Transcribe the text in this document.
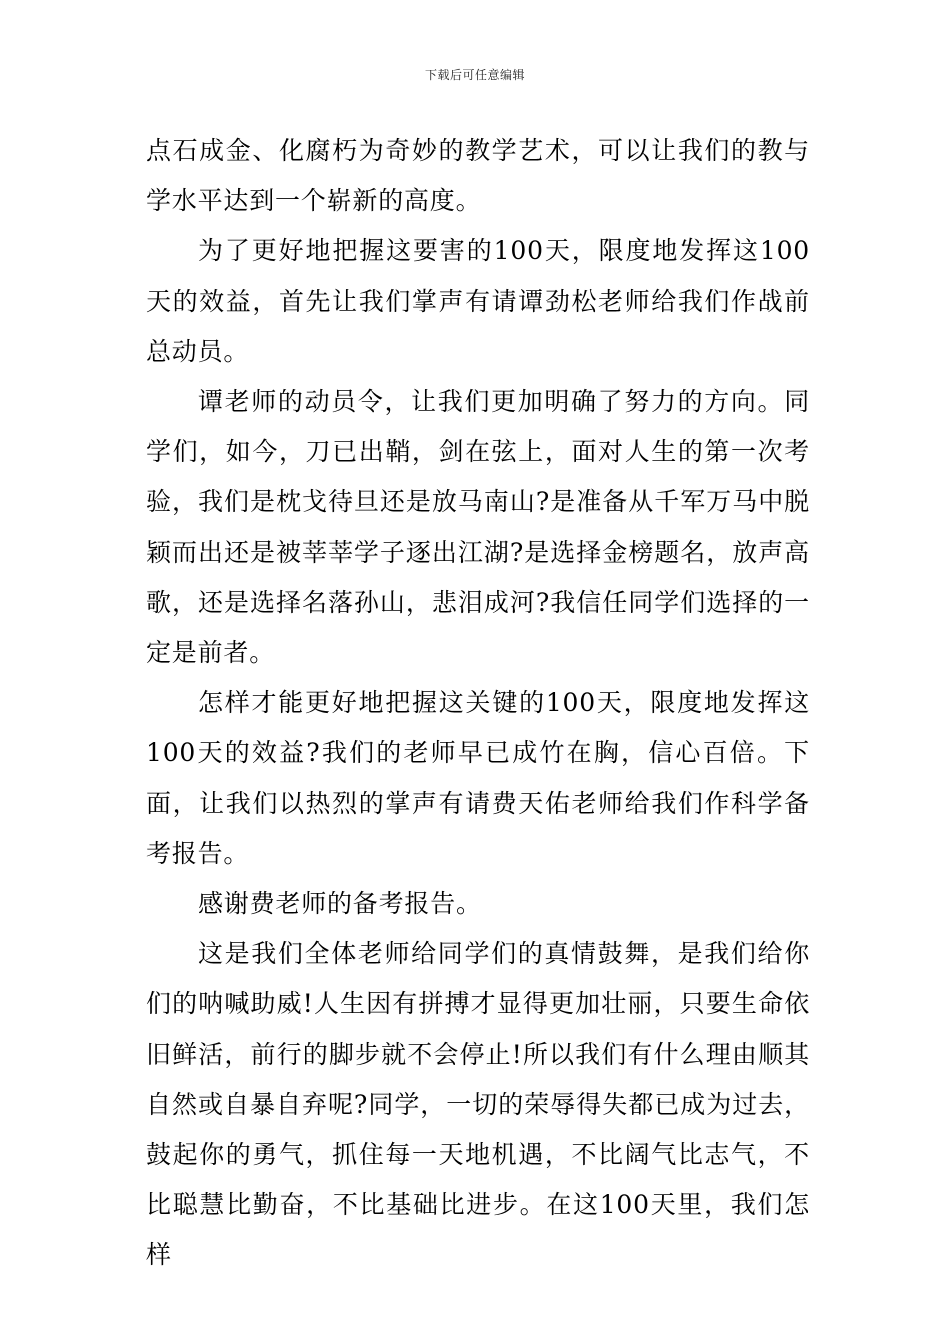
下载后可任意编辑

点石成金、化腐朽为奇妙的教学艺术，可以让我们的教与学水平达到一个崭新的高度。

为了更好地把握这要害的100天，限度地发挥这100天的效益，首先让我们掌声有请谭劲松老师给我们作战前总动员。

谭老师的动员令，让我们更加明确了努力的方向。同学们，如今，刀已出鞘，剑在弦上，面对人生的第一次考验，我们是枕戈待旦还是放马南山?是准备从千军万马中脱颖而出还是被莘莘学子逐出江湖?是选择金榜题名，放声高歌，还是选择名落孙山，悲泪成河?我信任同学们选择的一定是前者。

怎样才能更好地把握这关键的100天，限度地发挥这100天的效益?我们的老师早已成竹在胸，信心百倍。下面，让我们以热烈的掌声有请费天佑老师给我们作科学备考报告。

感谢费老师的备考报告。

这是我们全体老师给同学们的真情鼓舞，是我们给你们的呐喊助威!人生因有拼搏才显得更加壮丽，只要生命依旧鲜活，前行的脚步就不会停止!所以我们有什么理由顺其自然或自暴自弃呢?同学，一切的荣辱得失都已成为过去，鼓起你的勇气，抓住每一天地机遇，不比阔气比志气，不比聪慧比勤奋，不比基础比进步。在这100天里，我们怎样
